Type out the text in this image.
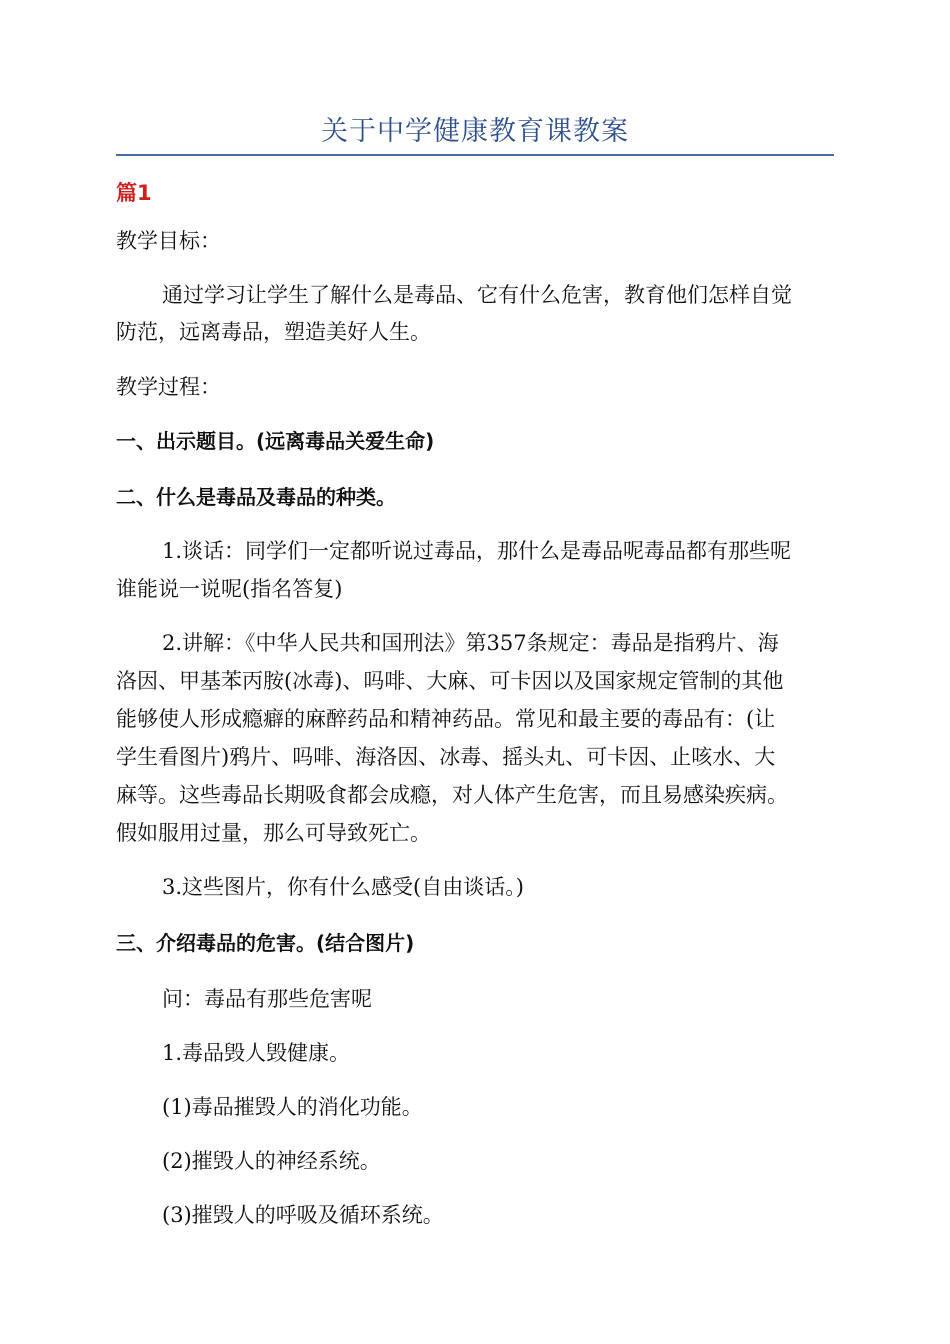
关于中学健康教育课教案
篇1
教学目标：
通过学习让学生了解什么是毒品、它有什么危害，教育他们怎样自觉
防范，远离毒品，塑造美好人生。
教学过程：
一、出示题目。(远离毒品关爱生命)
二、什么是毒品及毒品的种类。
1.谈话：同学们一定都听说过毒品，那什么是毒品呢毒品都有那些呢
谁能说一说呢(指名答复)
2.讲解：《中华人民共和国刑法》第357条规定：毒品是指鸦片、海
洛因、甲基苯丙胺(冰毒)、吗啡、大麻、可卡因以及国家规定管制的其他
能够使人形成瘾癖的麻醉药品和精神药品。常见和最主要的毒品有：(让
学生看图片)鸦片、吗啡、海洛因、冰毒、摇头丸、可卡因、止咳水、大
麻等。这些毒品长期吸食都会成瘾，对人体产生危害，而且易感染疾病。
假如服用过量，那么可导致死亡。
3.这些图片，你有什么感受(自由谈话。)
三、介绍毒品的危害。(结合图片)
问：毒品有那些危害呢
1.毒品毁人毁健康。
(1)毒品摧毁人的消化功能。
(2)摧毁人的神经系统。
(3)摧毁人的呼吸及循环系统。
